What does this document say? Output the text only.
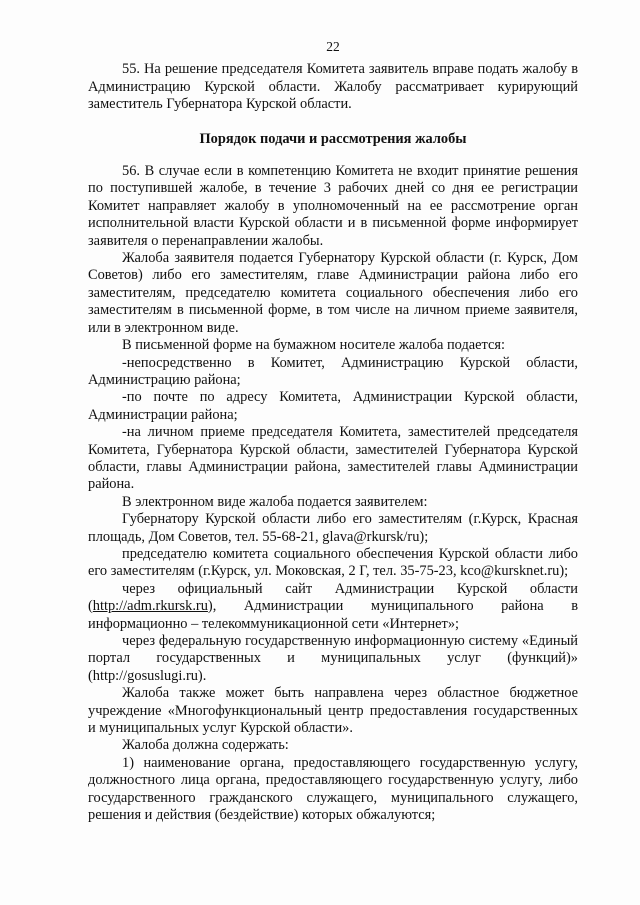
22

55. На решение председателя Комитета заявитель вправе подать жалобу в Администрацию Курской области. Жалобу рассматривает курирующий заместитель Губернатора Курской области.

Порядок подачи и рассмотрения жалобы

56. В случае если в компетенцию Комитета не входит принятие решения по поступившей жалобе, в течение 3 рабочих дней со дня ее регистрации Комитет направляет жалобу в уполномоченный на ее рассмотрение орган исполнительной власти Курской области и в письменной форме информирует заявителя о перенаправлении жалобы.

Жалоба заявителя подается Губернатору Курской области (г. Курск, Дом Советов) либо его заместителям, главе Администрации района либо его заместителям, председателю комитета социального обеспечения либо его заместителям в письменной форме, в том числе на личном приеме заявителя, или в электронном виде.

В письменной форме на бумажном носителе жалоба подается:

-непосредственно в Комитет, Администрацию Курской области, Администрацию района;

-по почте по адресу Комитета, Администрации Курской области, Администрации района;

-на личном приеме председателя Комитета, заместителей председателя Комитета, Губернатора Курской области, заместителей Губернатора Курской области, главы Администрации района, заместителей главы Администрации района.

В электронном виде жалоба подается заявителем:

Губернатору Курской области либо его заместителям (г.Курск, Красная площадь, Дом Советов, тел. 55-68-21, glava@rkursk/ru);

председателю комитета социального обеспечения Курской области либо его заместителям (г.Курск, ул. Моковская, 2 Г, тел. 35-75-23, kco@kursknet.ru);

через официальный сайт Администрации Курской области (http://adm.rkursk.ru), Администрации муниципального района в информационно – телекоммуникационной сети «Интернет»;

через федеральную государственную информационную систему «Единый портал государственных и муниципальных услуг (функций)» (http://gosuslugi.ru).

Жалоба также может быть направлена через областное бюджетное учреждение «Многофункциональный центр предоставления государственных и муниципальных услуг Курской области».

Жалоба должна содержать:

1) наименование органа, предоставляющего государственную услугу, должностного лица органа, предоставляющего государственную услугу, либо государственного гражданского служащего, муниципального служащего, решения и действия (бездействие) которых обжалуются;
